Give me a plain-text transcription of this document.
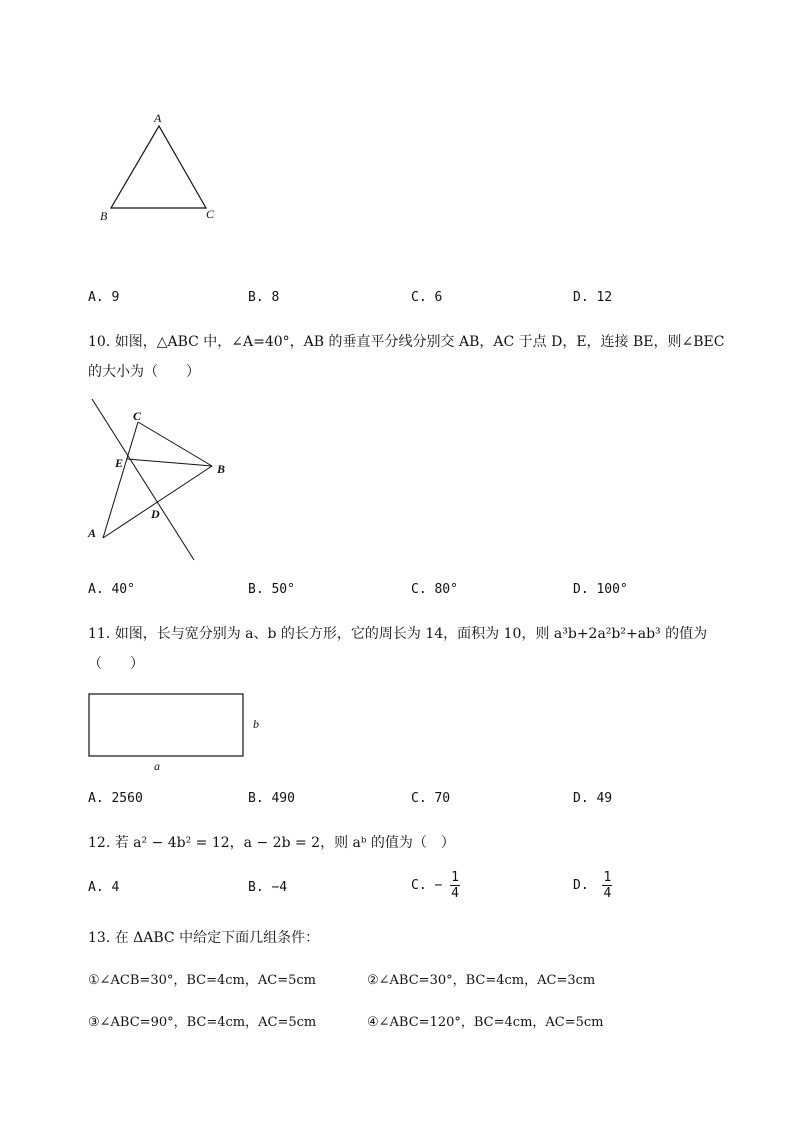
A
B	C
A. 9	B. 8	C. 6	D. 12
10. 如图，△ABC 中，∠A=40°，AB 的垂直平分线分别交 AB，AC 于点 D，E，连接 BE，则∠BEC
的大小为（　　）
C
E	B
D
A
A. 40°	B. 50°	C. 80°	D. 100°
11. 如图，长与宽分别为 a、b 的长方形，它的周长为 14，面积为 10，则 a³b+2a²b²+ab³ 的值为
（　　）
b
a
A. 2560	B. 490	C. 70	D. 49
12. 若 a² − 4b² = 12，a − 2b = 2，则 aᵇ 的值为（　）
A. 4	B. −4	C. − $\frac{1}{4}$	D. $\frac{1}{4}$
13. 在 ΔABC 中给定下面几组条件：
①∠ACB=30°，BC=4cm，AC=5cm	②∠ABC=30°，BC=4cm，AC=3cm
③∠ABC=90°，BC=4cm，AC=5cm	④∠ABC=120°，BC=4cm，AC=5cm
